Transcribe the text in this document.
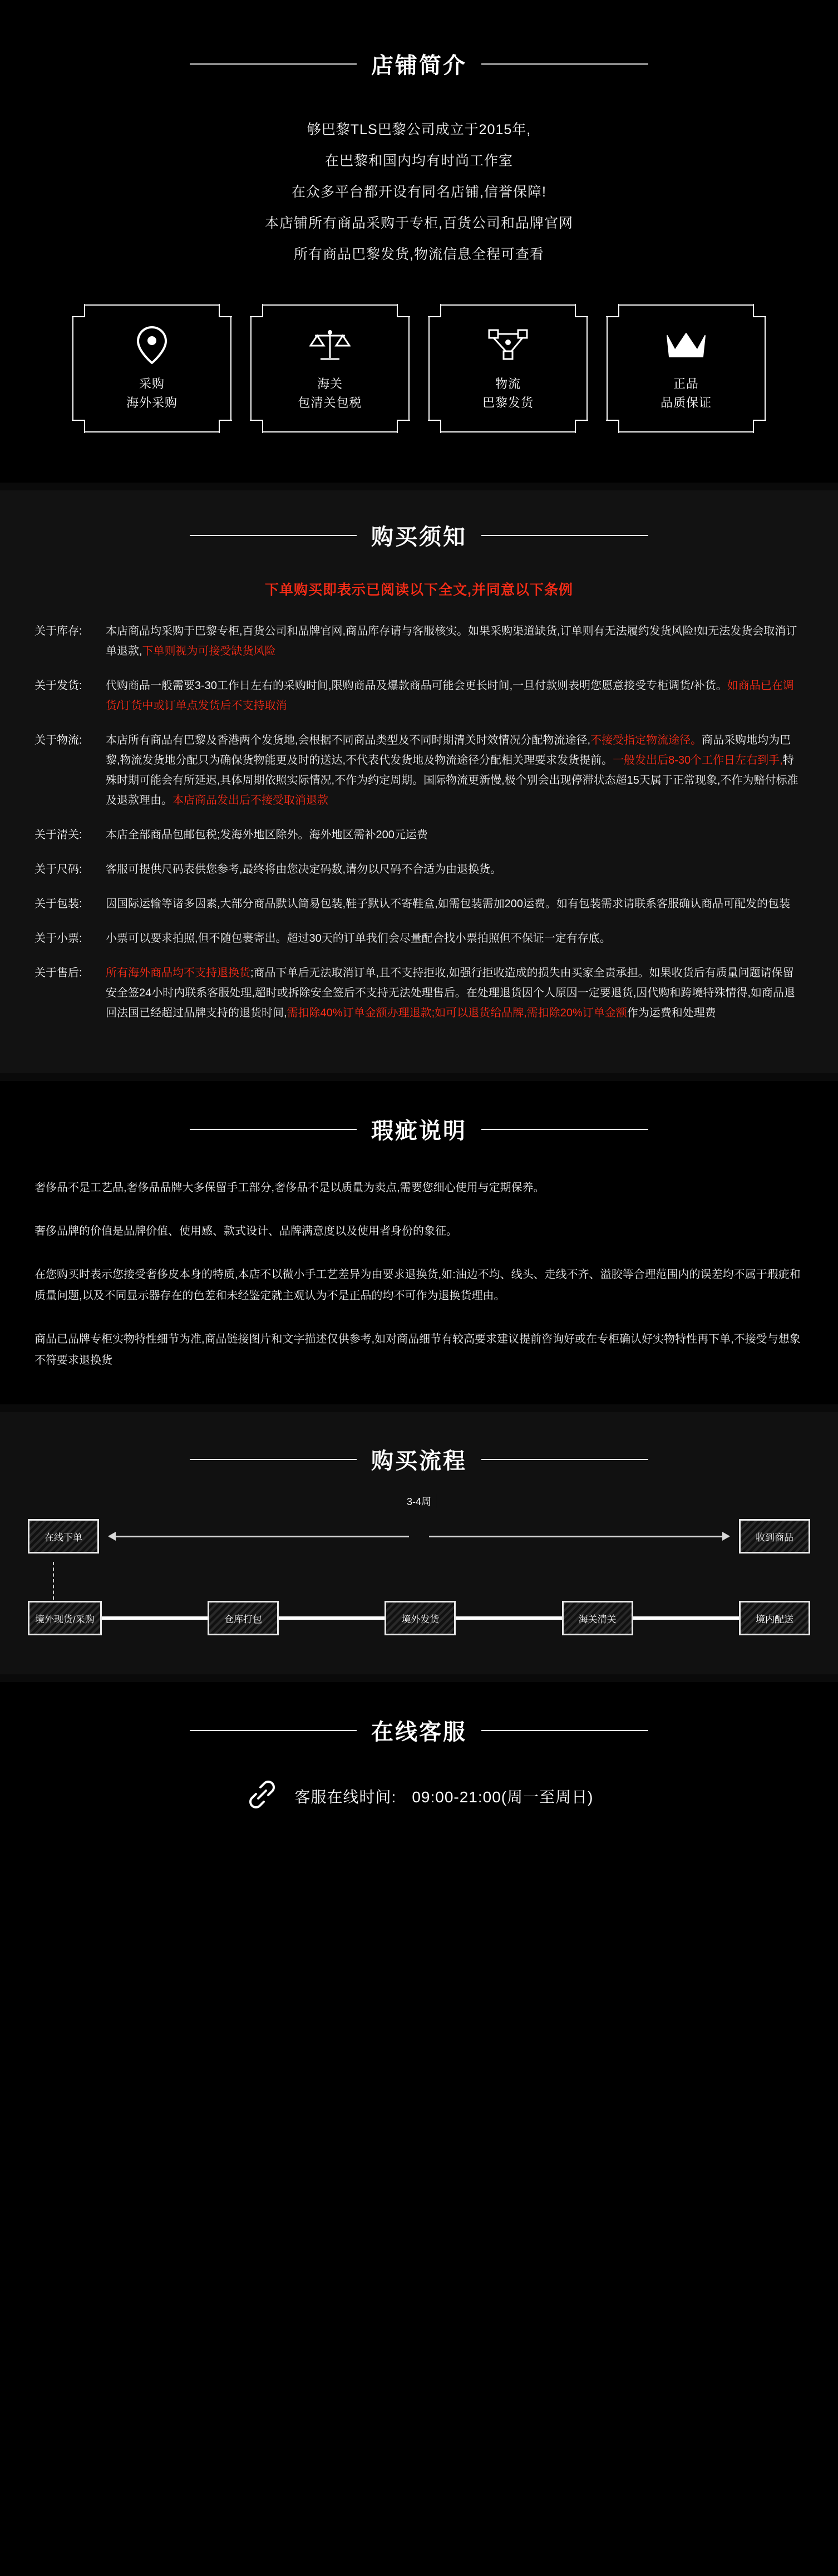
店铺简介
够巴黎TLS巴黎公司成立于2015年,
在巴黎和国内均有时尚工作室
在众多平台都开设有同名店铺,信誉保障!
本店铺所有商品采购于专柜,百货公司和品牌官网
所有商品巴黎发货,物流信息全程可查看
采购
海外采购
海关
包清关包税
物流
巴黎发货
正品
品质保证
购买须知
下单购买即表示已阅读以下全文,并同意以下条例
关于库存:	本店商品均采购于巴黎专柜,百货公司和品牌官网,商品库存请与客服核实。如果采购渠道缺货,订单则有无法履约发货风险!如无法发货会取消订单退款,下单则视为可接受缺货风险
关于发货:	代购商品一般需要3-30工作日左右的采购时间,限购商品及爆款商品可能会更长时间,一旦付款则表明您愿意接受专柜调货/补货。如商品已在调货/订货中或订单点发货后不支持取消
关于物流:	本店所有商品有巴黎及香港两个发货地,会根据不同商品类型及不同时期清关时效情况分配物流途径,不接受指定物流途径。商品采购地均为巴黎,物流发货地分配只为确保货物能更及时的送达,不代表代发货地及物流途径分配相关理要求发货提前。一般发出后8-30个工作日左右到手,特殊时期可能会有所延迟,具体周期依照实际情况,不作为约定周期。国际物流更新慢,极个别会出现停滞状态超15天属于正常现象,不作为赔付标准及退款理由。本店商品发出后不接受取消退款
关于清关:	本店全部商品包邮包税;发海外地区除外。海外地区需补200元运费
关于尺码:	客服可提供尺码表供您参考,最终将由您决定码数,请勿以尺码不合适为由退换货。
关于包装:	因国际运输等诸多因素,大部分商品默认简易包装,鞋子默认不寄鞋盒,如需包装需加200运费。如有包装需求请联系客服确认商品可配发的包装
关于小票:	小票可以要求拍照,但不随包裹寄出。超过30天的订单我们会尽量配合找小票拍照但不保证一定有存底。
关于售后:	所有海外商品均不支持退换货;商品下单后无法取消订单,且不支持拒收,如强行拒收造成的损失由买家全责承担。如果收货后有质量问题请保留安全签24小时内联系客服处理,超时或拆除安全签后不支持无法处理售后。在处理退货因个人原因一定要退货,因代购和跨境特殊情得,如商品退回法国已经超过品牌支持的退货时间,需扣除40%订单金额办理退款;如可以退货给品牌,需扣除20%订单金额作为运费和处理费
瑕疵说明

奢侈品不是工艺品,奢侈品品牌大多保留手工部分,奢侈品不是以质量为卖点,需要您细心使用与定期保养。

奢侈品牌的价值是品牌价值、使用感、款式设计、品牌满意度以及使用者身份的象征。

在您购买时表示您接受奢侈皮本身的特质,本店不以微小手工艺差异为由要求退换货,如:油边不均、线头、走线不齐、溢胶等合理范围内的误差均不属于瑕疵和质量问题,以及不同显示器存在的色差和未经鉴定就主观认为不是正品的均不可作为退换货理由。

商品已品牌专柜实物特性细节为准,商品链接图片和文字描述仅供参考,如对商品细节有较高要求建议提前咨询好或在专柜确认好实物特性再下单,不接受与想象不符要求退换货

购买流程
在线下单
3-4周
收到商品
境外现货/采购	仓库打包	境外发货	海关清关	境内配送
在线客服
客服在线时间: 09:00-21:00(周一至周日)
